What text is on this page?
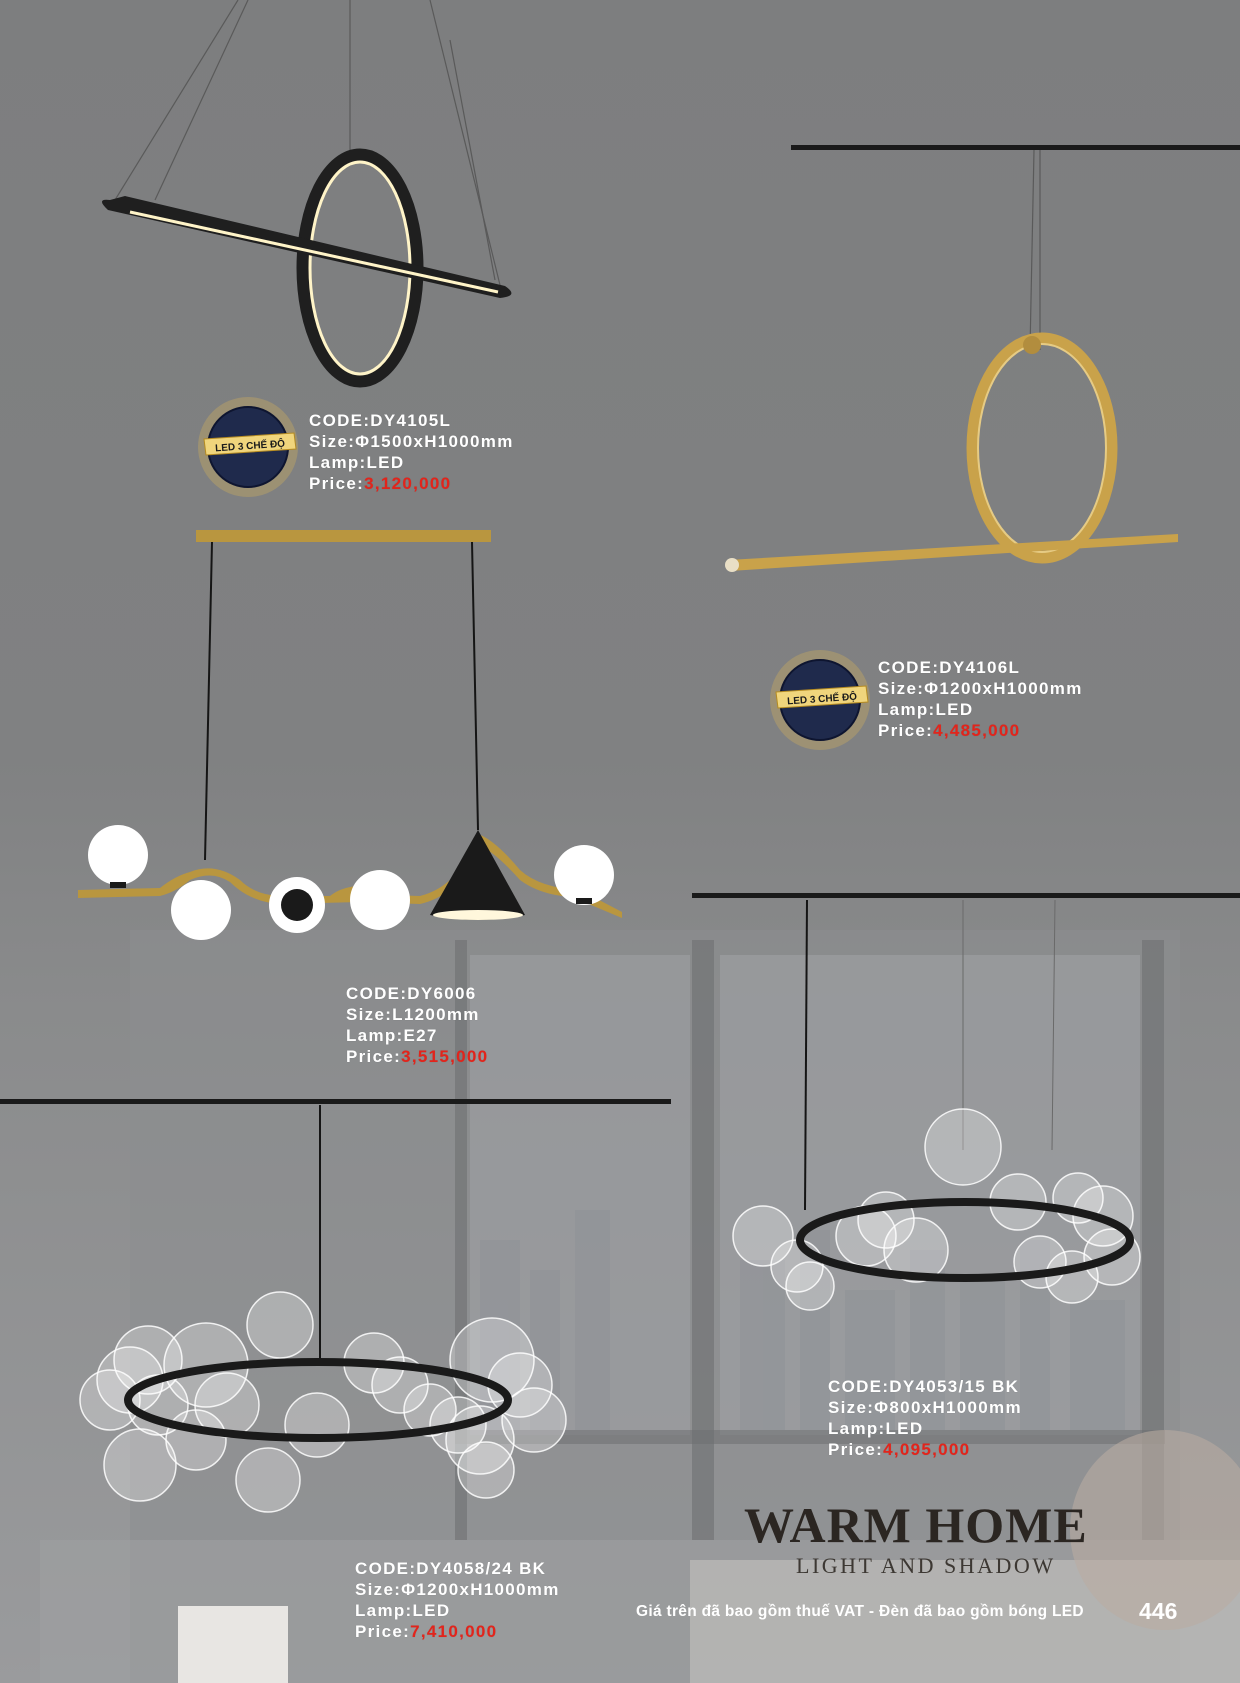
LED 3 CHẾ ĐỘ
LED 3 CHẾ ĐỘ
CODE:DY4105L
Size:Φ1500xH1000mm
Lamp:LED
Price:3,120,000
CODE:DY4106L
Size:Φ1200xH1000mm
Lamp:LED
Price:4,485,000
CODE:DY6006
Size:L1200mm
Lamp:E27
Price:3,515,000
CODE:DY4053/15 BK
Size:Φ800xH1000mm
Lamp:LED
Price:4,095,000
CODE:DY4058/24 BK
Size:Φ1200xH1000mm
Lamp:LED
Price:7,410,000
WARM HOME
LIGHT AND SHADOW
Giá trên đã bao gồm thuế VAT - Đèn đã bao gồm bóng LED 446
